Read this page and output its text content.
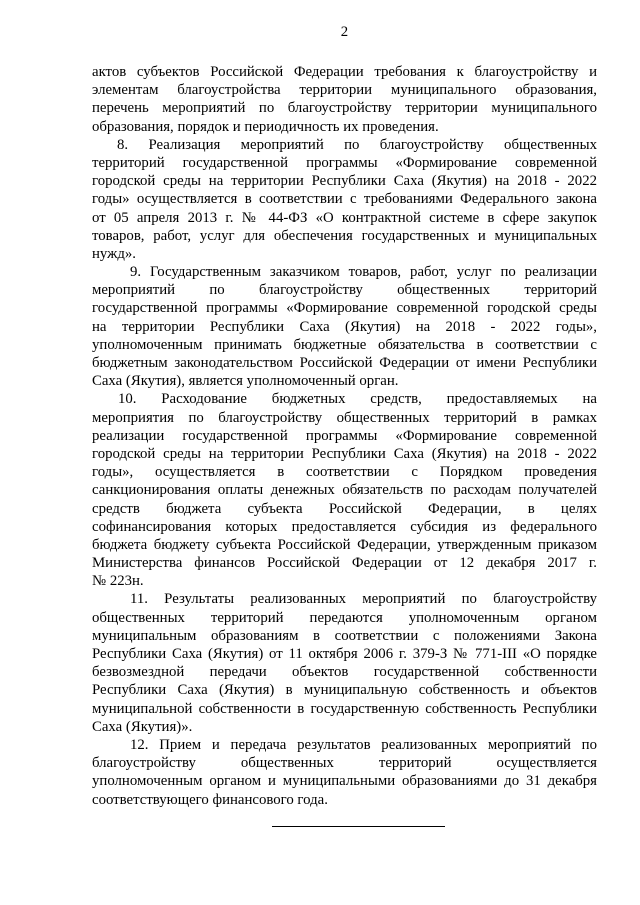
2
актов субъектов Российской Федерации требования к благоустройству и
элементам благоустройства территории муниципального образования,
перечень мероприятий по благоустройству территории муниципального
образования, порядок и периодичность их проведения.
8. Реализация мероприятий по благоустройству общественных
территорий государственной программы «Формирование современной
городской среды на территории Республики Саха (Якутия) на 2018 - 2022
годы» осуществляется в соответствии с требованиями Федерального закона
от 05 апреля 2013 г. № 44-ФЗ «О контрактной системе в сфере закупок
товаров, работ, услуг для обеспечения государственных и муниципальных
нужд».
9. Государственным заказчиком товаров, работ, услуг по реализации
мероприятий по благоустройству общественных территорий
государственной программы «Формирование современной городской среды
на территории Республики Саха (Якутия) на 2018 - 2022 годы»,
уполномоченным принимать бюджетные обязательства в соответствии с
бюджетным законодательством Российской Федерации от имени Республики
Саха (Якутия), является уполномоченный орган.
10. Расходование бюджетных средств, предоставляемых на
мероприятия по благоустройству общественных территорий в рамках
реализации государственной программы «Формирование современной
городской среды на территории Республики Саха (Якутия) на 2018 - 2022
годы», осуществляется в соответствии с Порядком проведения
санкционирования оплаты денежных обязательств по расходам получателей
средств бюджета субъекта Российской Федерации, в целях
софинансирования которых предоставляется субсидия из федерального
бюджета бюджету субъекта Российской Федерации, утвержденным приказом
Министерства финансов Российской Федерации от 12 декабря 2017 г.
№ 223н.
11. Результаты реализованных мероприятий по благоустройству
общественных территорий передаются уполномоченным органом
муниципальным образованиям в соответствии с положениями Закона
Республики Саха (Якутия) от 11 октября 2006 г. 379-З № 771-III «О порядке
безвозмездной передачи объектов государственной собственности
Республики Саха (Якутия) в муниципальную собственность и объектов
муниципальной собственности в государственную собственность Республики
Саха (Якутия)».
12. Прием и передача результатов реализованных мероприятий по
благоустройству общественных территорий осуществляется
уполномоченным органом и муниципальными образованиями до 31 декабря
соответствующего финансового года.
